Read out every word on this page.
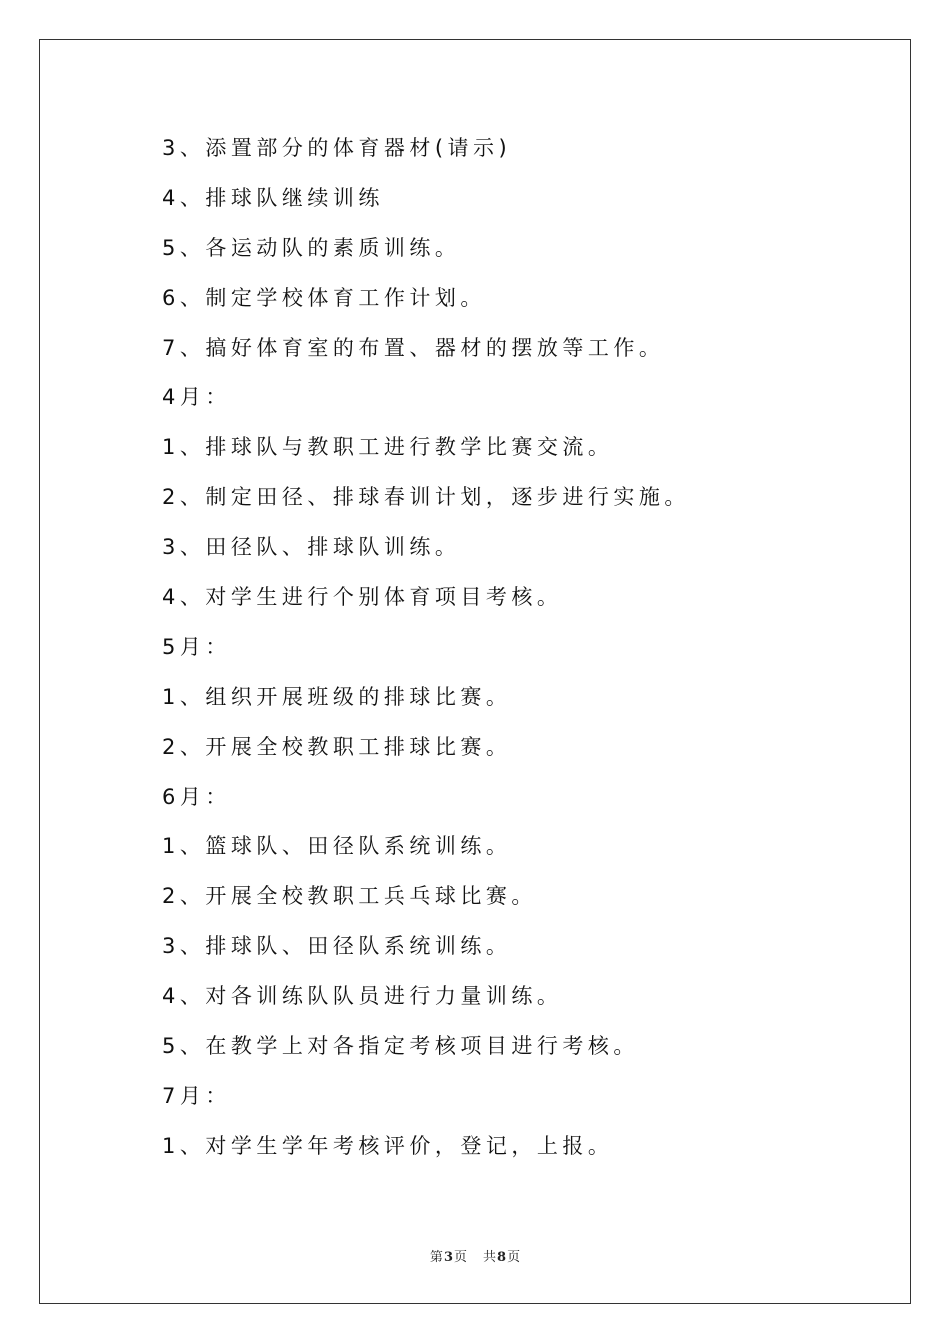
3、添置部分的体育器材(请示)
4、排球队继续训练
5、各运动队的素质训练。
6、制定学校体育工作计划。
7、搞好体育室的布置、器材的摆放等工作。
4月：
1、排球队与教职工进行教学比赛交流。
2、制定田径、排球春训计划，逐步进行实施。
3、田径队、排球队训练。
4、对学生进行个别体育项目考核。
5月：
1、组织开展班级的排球比赛。
2、开展全校教职工排球比赛。
6月：
1、篮球队、田径队系统训练。
2、开展全校教职工兵乓球比赛。
3、排球队、田径队系统训练。
4、对各训练队队员进行力量训练。
5、在教学上对各指定考核项目进行考核。
7月：
1、对学生学年考核评价，登记，上报。
第3页 共8页
